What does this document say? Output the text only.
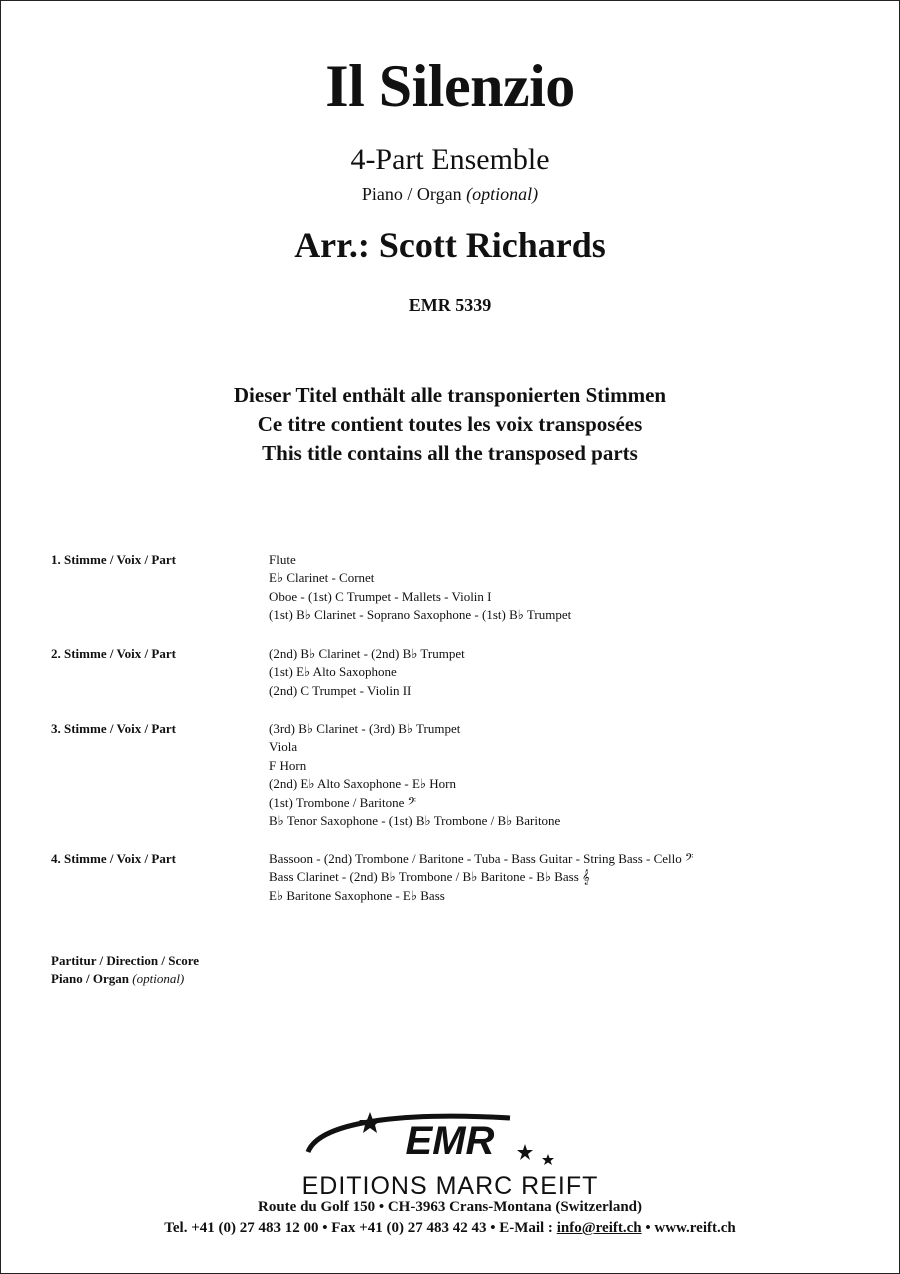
Il Silenzio
4-Part Ensemble
Piano / Organ (optional)
Arr.: Scott Richards
EMR 5339
Dieser Titel enthält alle transponierten Stimmen
Ce titre contient toutes les voix transposées
This title contains all the transposed parts
1. Stimme / Voix / Part	Flute
E♭ Clarinet - Cornet
Oboe - (1st) C Trumpet - Mallets - Violin I
(1st) B♭ Clarinet - Soprano Saxophone - (1st) B♭ Trumpet
2. Stimme / Voix / Part	(2nd) B♭ Clarinet - (2nd) B♭ Trumpet
(1st) E♭ Alto Saxophone
(2nd) C Trumpet - Violin II
3. Stimme / Voix / Part	(3rd) B♭ Clarinet - (3rd) B♭ Trumpet
Viola
F Horn
(2nd) E♭ Alto Saxophone - E♭ Horn
(1st) Trombone / Baritone 𝄢
B♭ Tenor Saxophone - (1st) B♭ Trombone / B♭ Baritone
4. Stimme / Voix / Part	Bassoon - (2nd) Trombone / Baritone - Tuba - Bass Guitar - String Bass - Cello 𝄢
Bass Clarinet - (2nd) B♭ Trombone / B♭ Baritone - B♭ Bass 𝄞
E♭ Baritone Saxophone - E♭ Bass
Partitur / Direction / Score
Piano / Organ (optional)
EMR
EDITIONS MARC REIFT
Route du Golf 150 • CH-3963 Crans-Montana (Switzerland)
Tel. +41 (0) 27 483 12 00 • Fax +41 (0) 27 483 42 43 • E-Mail : info@reift.ch • www.reift.ch
